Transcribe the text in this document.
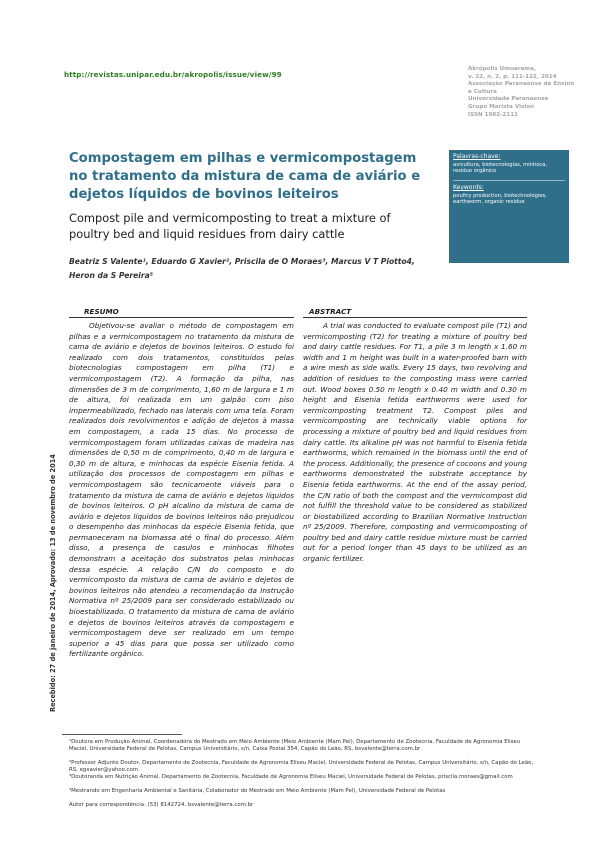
http://revistas.unipar.edu.br/akropolis/issue/view/99
Akrópolis Umuarama,
v. 22, n. 2, p. 111-122, 2014
Associação Paranaense de Ensino e Cultura
Universidade Paranaense
Grupo Marista Vision
ISSN 1982-2111
Compostagem em pilhas e vermicompostagem no tratamento da mistura de cama de aviário e dejetos líquidos de bovinos leiteiros
Compost pile and vermicomposting to treat a mixture of poultry bed and liquid residues from dairy cattle
Beatriz S Valente¹, Eduardo G Xavier², Priscila de O Moraes³, Marcus V T Piotto4, Heron da S Pereira⁵
Palavras-chave:
avicultura, biotecnologias, minhoca, resíduo orgânico
Keywords:
poultry production, biotechnologies, earthworm, organic residue
RESUMO
Objetivou-se avaliar o método de compostagem em pilhas e a vermicompostagem no tratamento da mistura de cama de aviário e dejetos de bovinos leiteiros. O estudo foi realizado com dois tratamentos, constituídos pelas biotecnologias compostagem em pilha (T1) e vermicompostagem (T2). A formação da pilha, nas dimensões de 3 m de comprimento, 1,60 m de largura e 1 m de altura, foi realizada em um galpão com piso impermeabilizado, fechado nas laterais com uma tela. Foram realizados dois revolvimentos e adição de dejetos à massa em compostagem, a cada 15 dias. No processo de vermicompostagem foram utilizadas caixas de madeira nas dimensões de 0,50 m de comprimento, 0,40 m de largura e 0,30 m de altura, e minhocas da espécie Eisenia fetida. A utilização dos processos de compostagem em pilhas e vermicompostagem são tecnicamente viáveis para o tratamento da mistura de cama de aviário e dejetos líquidos de bovinos leiteiros. O pH alcalino da mistura de cama de aviário e dejetos líquidos de bovinos leiteiros não prejudicou o desempenho das minhocas da espécie Eisenia fetida, que permaneceram na biomassa até o final do processo. Além disso, a presença de casulos e minhocas filhotes demonstram a aceitação dos substratos pelas minhocas dessa espécie. A relação C/N do composto e do vermicomposto da mistura de cama de aviário e dejetos de bovinos leiteiros não atendeu a recomendação da Instrução Normativa nº 25/2009 para ser considerado estabilizado ou bioestabilizado. O tratamento da mistura de cama de aviário e dejetos de bovinos leiteiros através da compostagem e vermicompostagem deve ser realizado em um tempo superior a 45 dias para que possa ser utilizado como fertilizante orgânico.
ABSTRACT
A trial was conducted to evaluate compost pile (T1) and vermicomposting (T2) for treating a mixture of poultry bed and dairy cattle residues. For T1, a pile 3 m length x 1.60 m width and 1 m height was built in a water-proofed barn with a wire mesh as side walls. Every 15 days, two revolving and addition of residues to the composting mass were carried out. Wood boxes 0.50 m length x 0.40 m width and 0.30 m height and Eisenia fetida earthworms were used for vermicomposting treatment T2. Compost piles and vermicomposting are technically viable options for processing a mixture of poultry bed and liquid residues from dairy cattle. Its alkaline pH was not harmful to Eisenia fetida earthworms, which remained in the biomass until the end of the process. Additionally, the presence of cocoons and young earthworms demonstrated the substrate acceptance by Eisenia fetida earthworms. At the end of the assay period, the C/N ratio of both the compost and the vermicompost did not fulfill the threshold value to be considered as stabilized or biostabilized according to Brazilian Normative Instruction nº 25/2009. Therefore, composting and vermicomposting of poultry bed and dairy cattle residue mixture must be carried out for a period longer than 45 days to be utilized as an organic fertilizer.
Recebido: 27 de janeiro de 2014, Aprovado: 13 de novembro de 2014
¹Doutora em Produção Animal, Coordenadora do Mestrado em Meio Ambiente (Meio Ambiente (Mam Pel), Departamento de Zootecnia, Faculdade de Agronomia Eliseu Maciel, Universidade Federal de Pelotas, Campus Universitário, s/n, Caixa Postal 354, Capão do Leão, RS, bsvalente@terra.com.br
²Professor Adjunto Doutor, Departamento de Zootecnia, Faculdade de Agronomia Eliseu Maciel, Universidade Federal de Pelotas, Campus Universitário, s/n, Capão do Leão, RS, egxavier@yahoo.com
³Doutoranda em Nutrição Animal, Departamento de Zootecnia, Faculdade de Agronomia Eliseu Maciel, Universidade Federal de Pelotas, priscila.moraes@gmail.com
⁴Mestrando em Engenharia Ambiental e Sanitária, Colaborador do Mestrado em Meio Ambiente (Mam Pel), Universidade Federal de Pelotas
Autor para correspondência: (53) 8142724, bsvalente@terra.com.br
